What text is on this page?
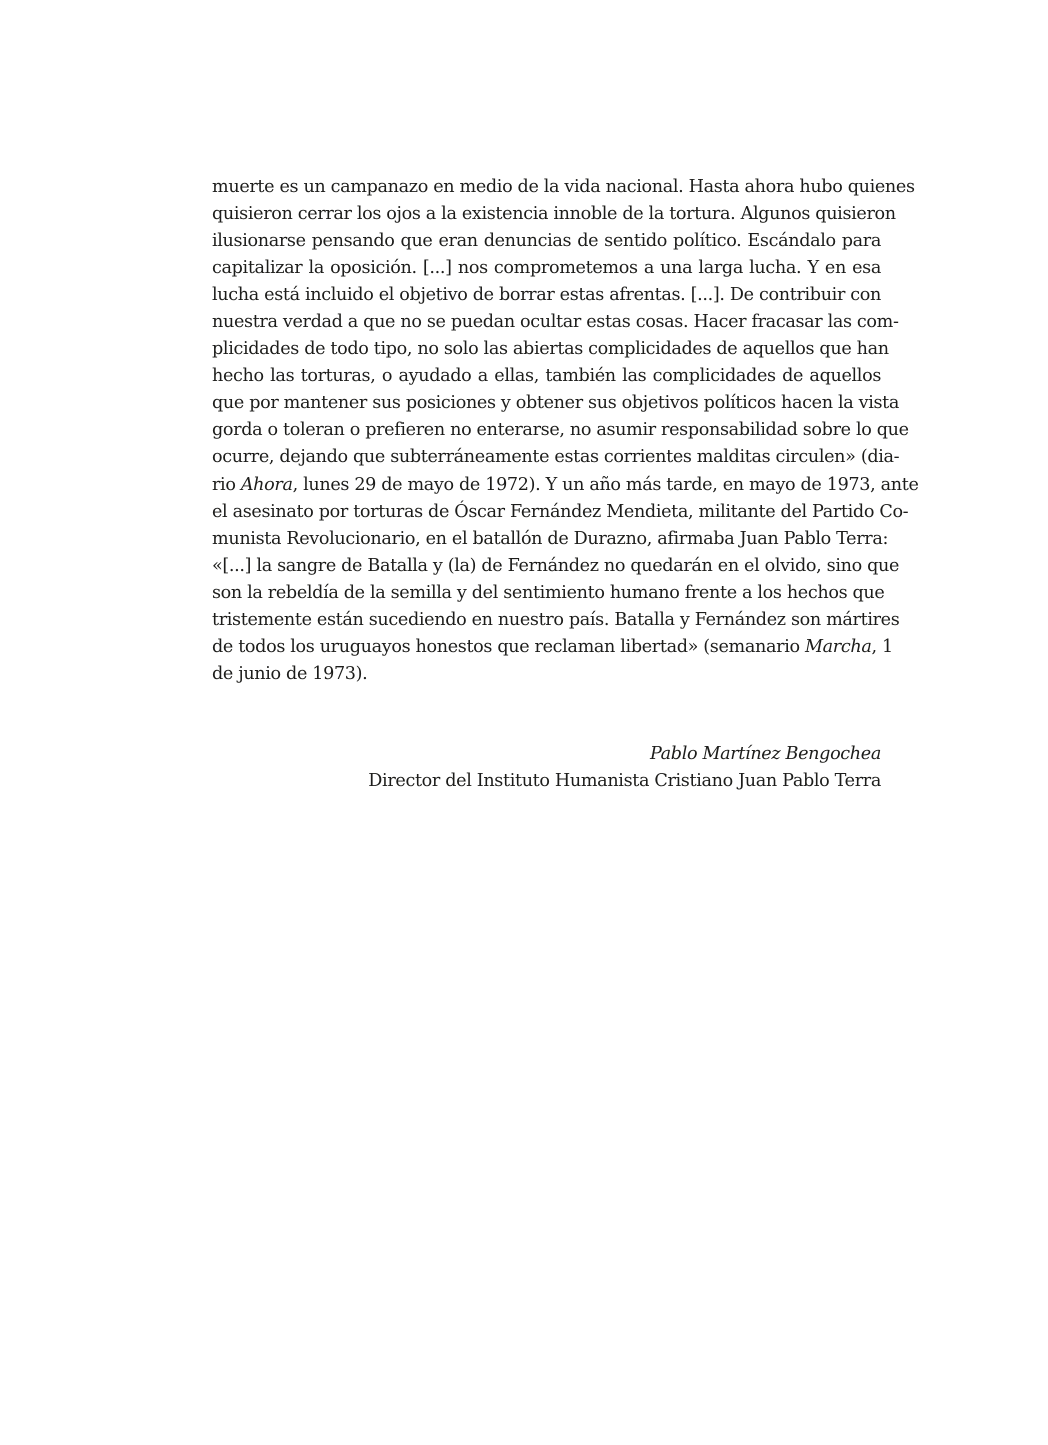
muerte es un campanazo en medio de la vida nacional. Hasta ahora hubo quienes
quisieron cerrar los ojos a la existencia innoble de la tortura. Algunos quisieron
ilusionarse pensando que eran denuncias de sentido político. Escándalo para
capitalizar la oposición. [...] nos comprometemos a una larga lucha. Y en esa
lucha está incluido el objetivo de borrar estas afrentas. [...]. De contribuir con
nuestra verdad a que no se puedan ocultar estas cosas. Hacer fracasar las com-
plicidades de todo tipo, no solo las abiertas complicidades de aquellos que han
hecho las torturas, o ayudado a ellas, también las complicidades de aquellos
que por mantener sus posiciones y obtener sus objetivos políticos hacen la vista
gorda o toleran o prefieren no enterarse, no asumir responsabilidad sobre lo que
ocurre, dejando que subterráneamente estas corrientes malditas circulen» (dia-
rio Ahora, lunes 29 de mayo de 1972). Y un año más tarde, en mayo de 1973, ante
el asesinato por torturas de Óscar Fernández Mendieta, militante del Partido Co-
munista Revolucionario, en el batallón de Durazno, afirmaba Juan Pablo Terra:
«[...] la sangre de Batalla y (la) de Fernández no quedarán en el olvido, sino que
son la rebeldía de la semilla y del sentimiento humano frente a los hechos que
tristemente están sucediendo en nuestro país. Batalla y Fernández son mártires
de todos los uruguayos honestos que reclaman libertad» (semanario Marcha, 1
de junio de 1973).
Pablo Martínez Bengochea
Director del Instituto Humanista Cristiano Juan Pablo Terra
